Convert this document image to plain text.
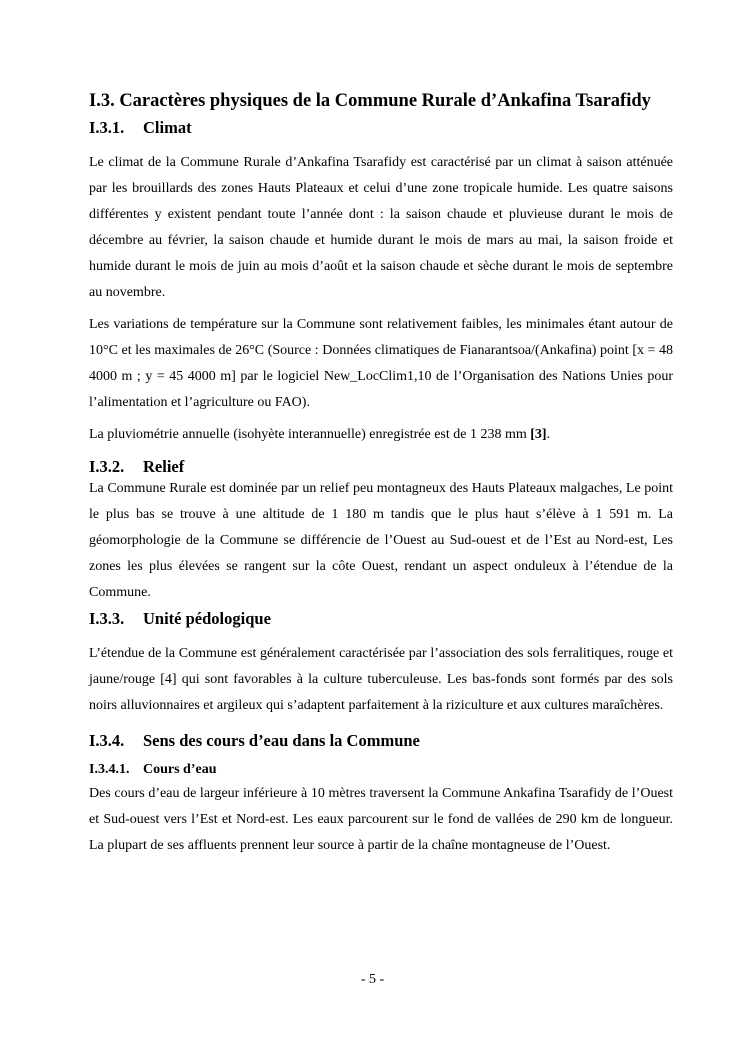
I.3. Caractères physiques de la Commune Rurale d’Ankafina Tsarafidy
I.3.1.	Climat

Le climat de la Commune Rurale d’Ankafina Tsarafidy est caractérisé par un climat à saison atténuée par les brouillards des zones Hauts Plateaux et celui d’une zone tropicale humide. Les quatre saisons différentes y existent pendant toute l’année dont : la saison chaude et pluvieuse durant le mois de décembre au février, la saison chaude et humide durant le mois de mars au mai, la saison froide et humide durant le mois de juin au mois d’août et la saison chaude et sèche durant le mois de septembre au novembre.

Les variations de température sur la Commune sont relativement faibles, les minimales étant autour de 10°C et les maximales de 26°C (Source : Données climatiques de Fianarantsoa/(Ankafina) point [x = 48 4000 m ; y = 45 4000 m] par le logiciel New_LocClim1,10 de l’Organisation des Nations Unies pour l’alimentation et l’agriculture ou FAO).

La pluviométrie annuelle (isohyète interannuelle) enregistrée est de 1 238 mm [3].

I.3.2.	Relief

La Commune Rurale est dominée par un relief peu montagneux des Hauts Plateaux malgaches, Le point le plus bas se trouve à une altitude de 1 180 m tandis que le plus haut s’élève à 1 591 m. La géomorphologie de la Commune se différencie de l’Ouest au Sud-ouest et de l’Est au Nord-est, Les zones les plus élevées se rangent sur la côte Ouest, rendant un aspect onduleux à l’étendue de la Commune.

I.3.3.	Unité pédologique

L’étendue de la Commune est généralement caractérisée par l’association des sols ferralitiques, rouge et jaune/rouge [4] qui sont favorables à la culture tuberculeuse. Les bas-fonds sont formés par des sols noirs alluvionnaires et argileux qui s’adaptent parfaitement à la riziculture et aux cultures maraîchères.

I.3.4.	Sens des cours d’eau dans la Commune
I.3.4.1. Cours d’eau

Des cours d’eau de largeur inférieure à 10 mètres traversent la Commune Ankafina Tsarafidy de l’Ouest et Sud-ouest vers l’Est et Nord-est. Les eaux parcourent sur le fond de vallées de 290 km de longueur. La plupart de ses affluents prennent leur source à partir de la chaîne montagneuse de l’Ouest.

- 5 -
